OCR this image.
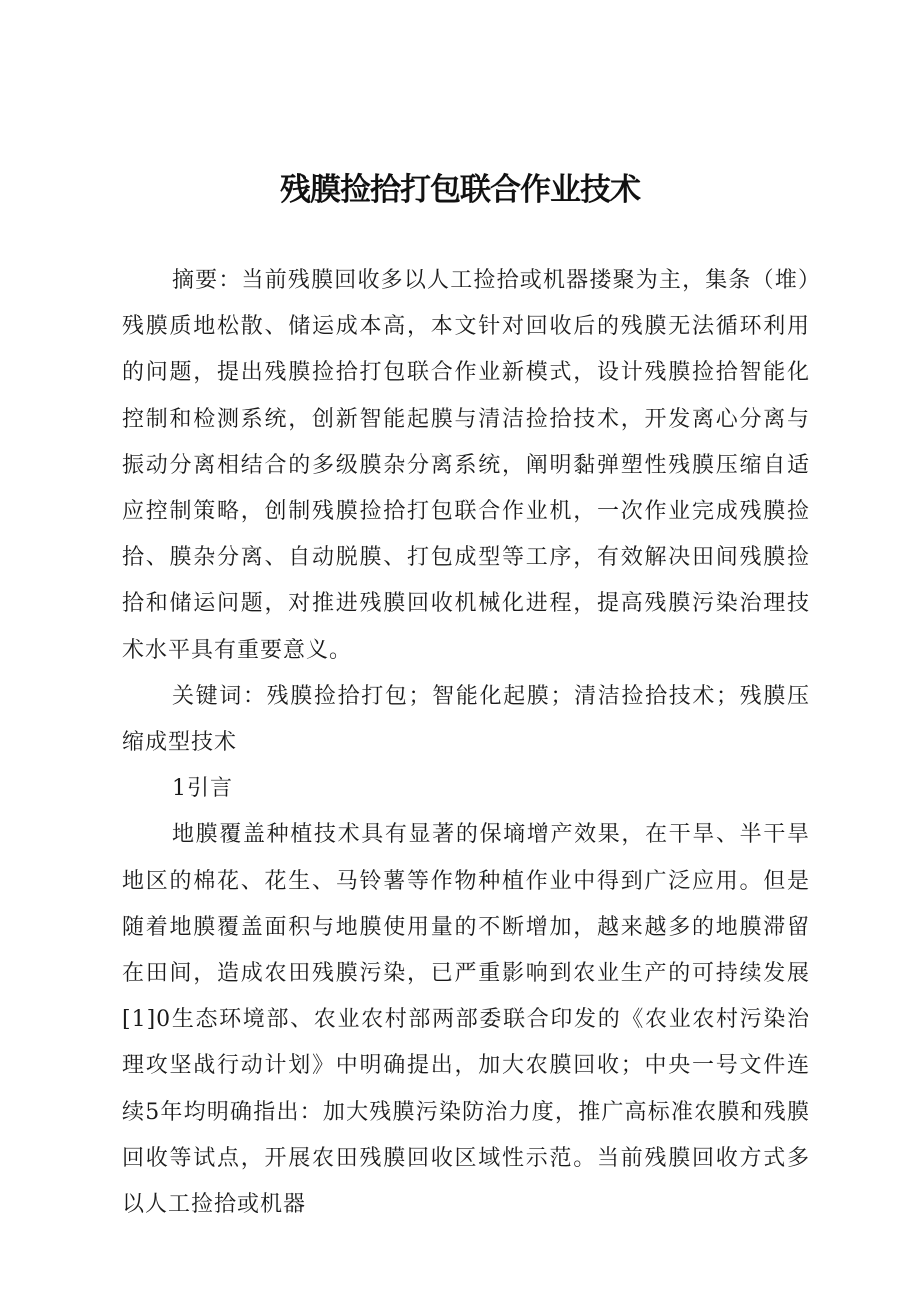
残膜捡拾打包联合作业技术

摘要：当前残膜回收多以人工捡拾或机器搂聚为主，集条（堆）残膜质地松散、储运成本高，本文针对回收后的残膜无法循环利用的问题，提出残膜捡拾打包联合作业新模式，设计残膜捡拾智能化控制和检测系统，创新智能起膜与清洁捡拾技术，开发离心分离与振动分离相结合的多级膜杂分离系统，阐明黏弹塑性残膜压缩自适应控制策略，创制残膜捡拾打包联合作业机，一次作业完成残膜捡拾、膜杂分离、自动脱膜、打包成型等工序，有效解决田间残膜捡拾和储运问题，对推进残膜回收机械化进程，提高残膜污染治理技术水平具有重要意义。

关键词：残膜捡拾打包；智能化起膜；清洁捡拾技术；残膜压缩成型技术

1引言

地膜覆盖种植技术具有显著的保墒增产效果，在干旱、半干旱地区的棉花、花生、马铃薯等作物种植作业中得到广泛应用。但是随着地膜覆盖面积与地膜使用量的不断增加，越来越多的地膜滞留在田间，造成农田残膜污染，已严重影响到农业生产的可持续发展[1]0生态环境部、农业农村部两部委联合印发的《农业农村污染治理攻坚战行动计划》中明确提出，加大农膜回收；中央一号文件连续5年均明确指出：加大残膜污染防治力度，推广高标准农膜和残膜回收等试点，开展农田残膜回收区域性示范。当前残膜回收方式多以人工捡拾或机器
